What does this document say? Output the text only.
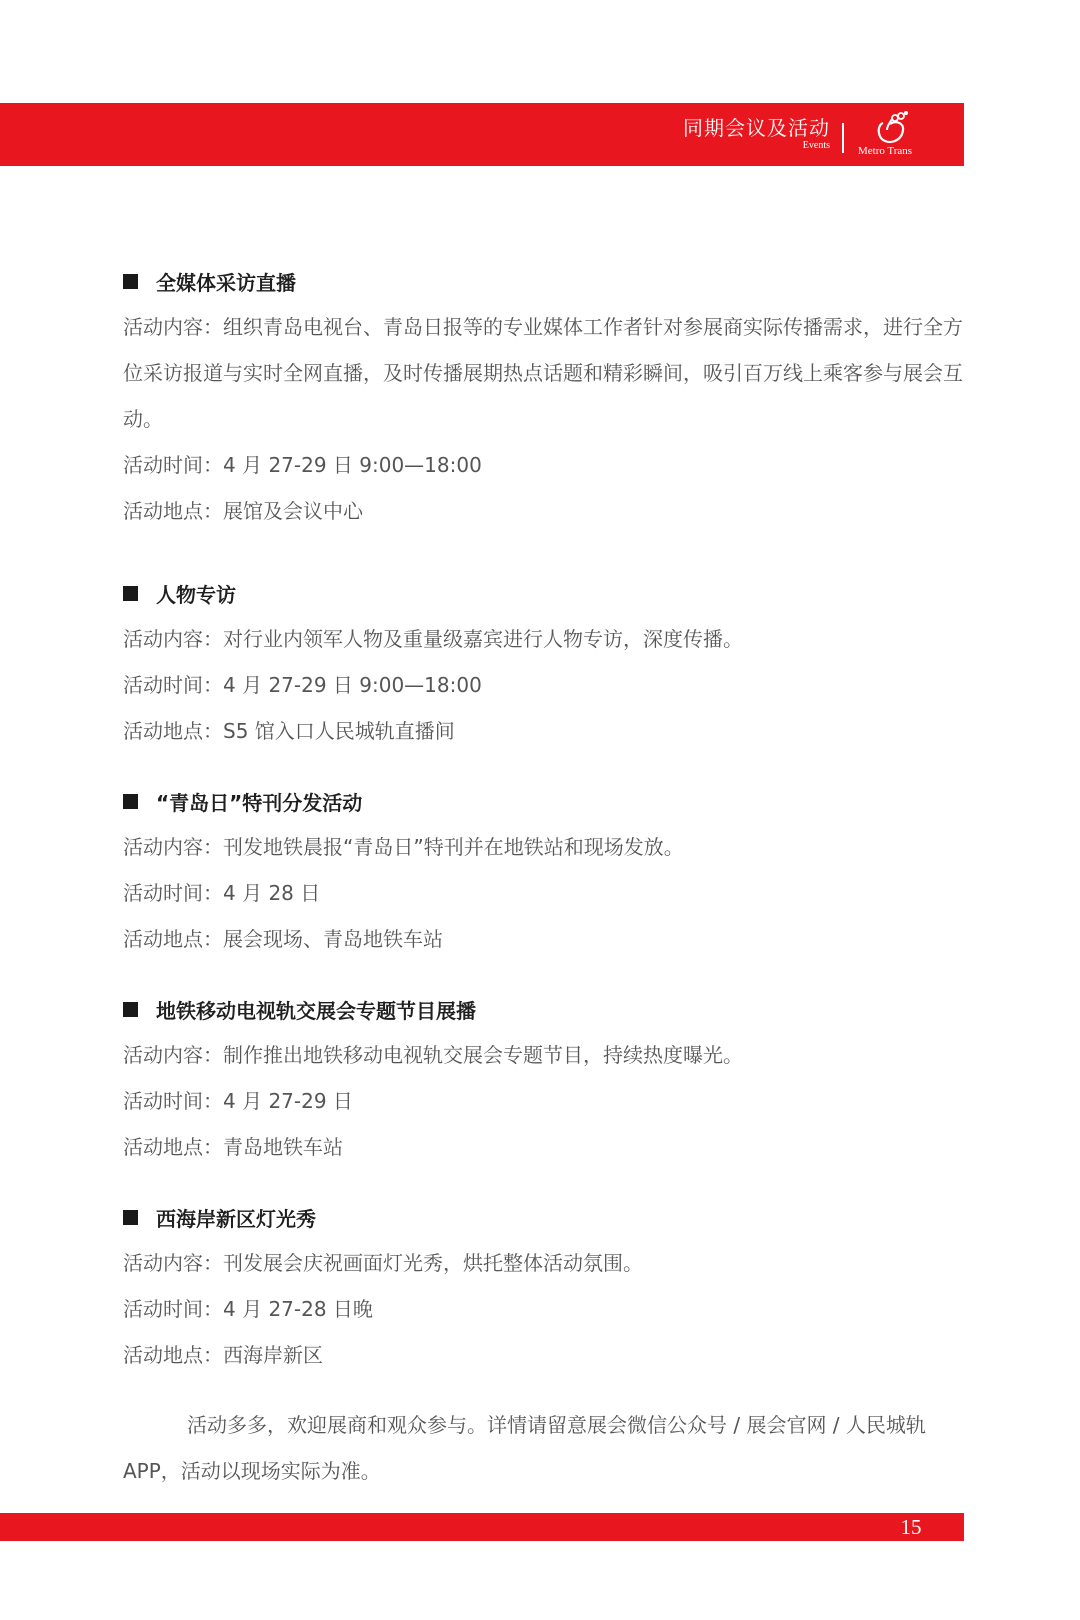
同期会议及活动
Events	Metro Trans
全媒体采访直播
活动内容：组织青岛电视台、青岛日报等的专业媒体工作者针对参展商实际传播需求，进行全方位采访报道与实时全网直播，及时传播展期热点话题和精彩瞬间，吸引百万线上乘客参与展会互动。
活动时间：4 月 27-29 日 9:00—18:00
活动地点：展馆及会议中心
人物专访
活动内容：对行业内领军人物及重量级嘉宾进行人物专访，深度传播。
活动时间：4 月 27-29 日 9:00—18:00
活动地点：S5 馆入口人民城轨直播间
“青岛日”特刊分发活动
活动内容：刊发地铁晨报“青岛日”特刊并在地铁站和现场发放。
活动时间：4 月 28 日
活动地点：展会现场、青岛地铁车站
地铁移动电视轨交展会专题节目展播
活动内容：制作推出地铁移动电视轨交展会专题节目，持续热度曝光。
活动时间：4 月 27-29 日
活动地点：青岛地铁车站
西海岸新区灯光秀
活动内容：刊发展会庆祝画面灯光秀，烘托整体活动氛围。
活动时间：4 月 27-28 日晚
活动地点：西海岸新区
活动多多，欢迎展商和观众参与。详情请留意展会微信公众号 / 展会官网 / 人民城轨 APP，活动以现场实际为准。
15
